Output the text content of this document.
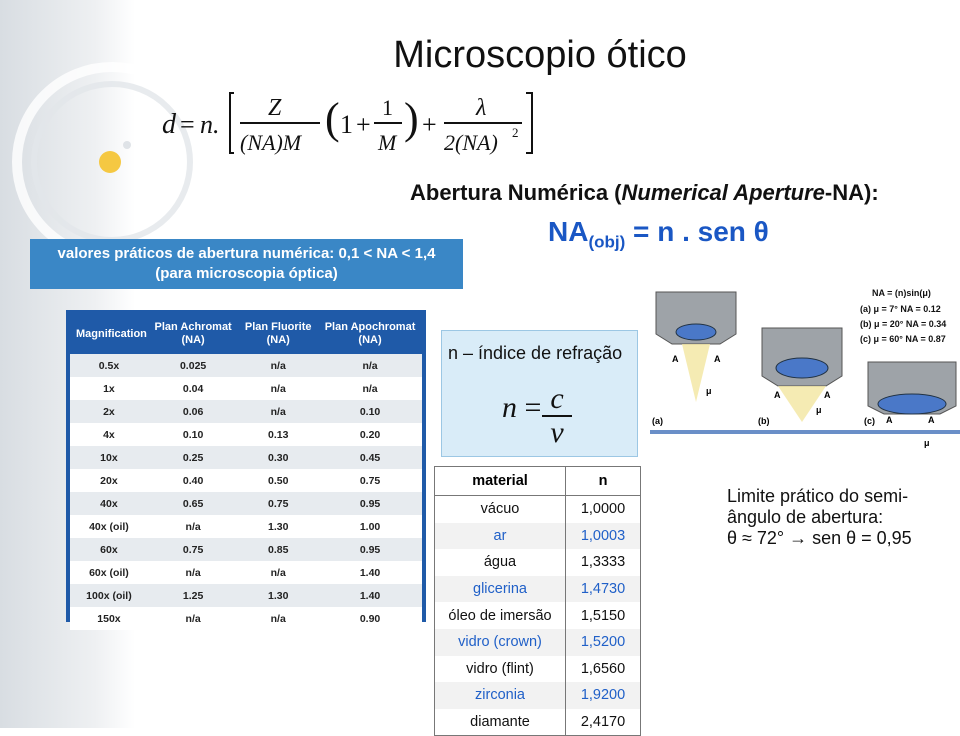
Microscopio ótico
d = n.
Z
(NA)M ( 1 +
1
M ) +
λ
2(NA) 2
Abertura Numérica (Numerical Aperture-NA):
$NA_{(obj)} = n$ . sen θ
valores práticos de abertura numérica: 0,1 < NA < 1,4
(para microscopia óptica)
Magnification	Plan Achromat (NA)	Plan Fluorite (NA)	Plan Apochromat (NA)
0.5x	0.025	n/a	n/a
1x	0.04	n/a	n/a
2x	0.06	n/a	0.10
4x	0.10	0.13	0.20
10x	0.25	0.30	0.45
20x	0.40	0.50	0.75
40x	0.65	0.75	0.95
40x (oil)	n/a	1.30	1.00
60x	0.75	0.85	0.95
60x (oil)	n/a	n/a	1.40
100x (oil)	1.25	1.30	1.40
150x	n/a	n/a	0.90
n – índice de refração
n = c
v
material	n
vácuo	1,0000
ar	1,0003
água	1,3333
glicerina	1,4730
óleo de imersão	1,5150
vidro (crown)	1,5200
vidro (flint)	1,6560
zirconia	1,9200
diamante	2,4170
NA = (n)sin(μ)
(a) μ = 7° NA = 0.12
(b) μ = 20° NA = 0.34
(c) μ = 60° NA = 0.87
A	A
μ
(a)
A	A
μ
(b)	A	A
μ
(c)
Limite prático do semi-
ângulo de abertura:
θ ≈ 72° → sen θ = 0,95
